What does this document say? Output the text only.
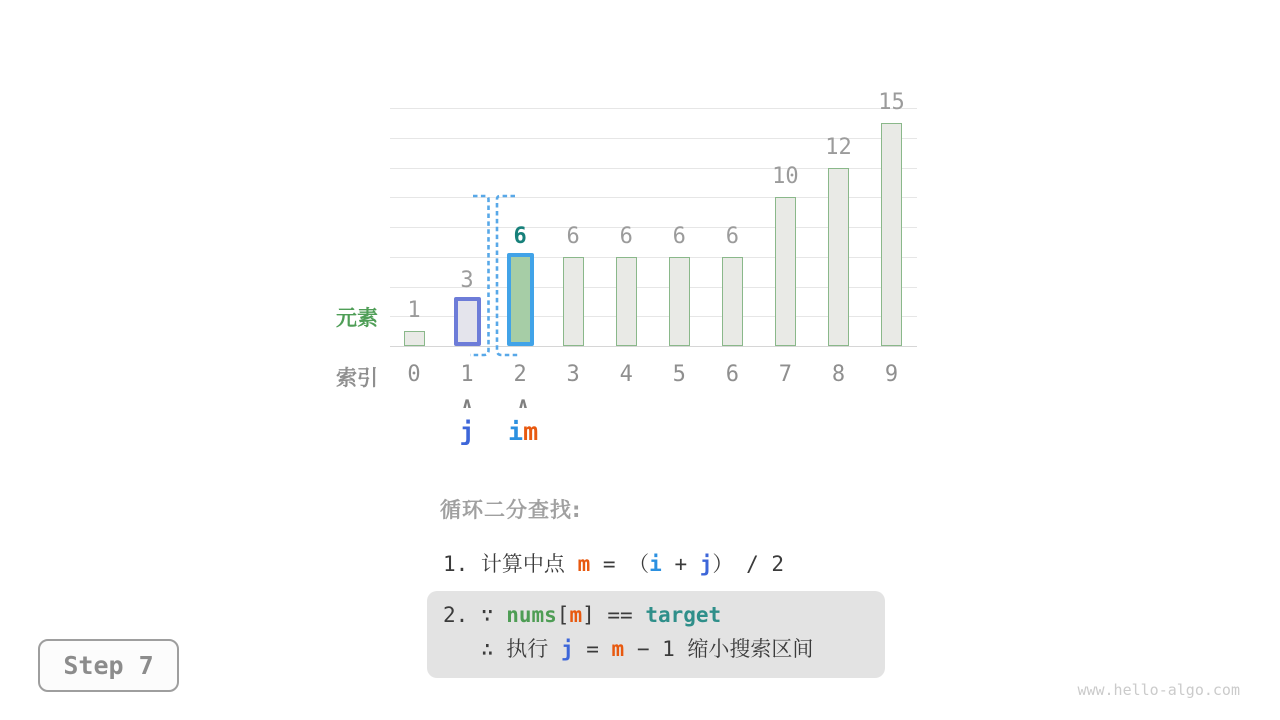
1
0
3
1
6
2
6
3
6
4
6
5
6
6
10
7
12
8
15
9
元素
索引
∧
j
∧
im
循环二分查找:
1. 计算中点 m = （i + j） / 2
2. ∵ nums[m] == target
∴ 执行 j = m − 1 缩小搜索区间
Step 7
www.hello-algo.com
